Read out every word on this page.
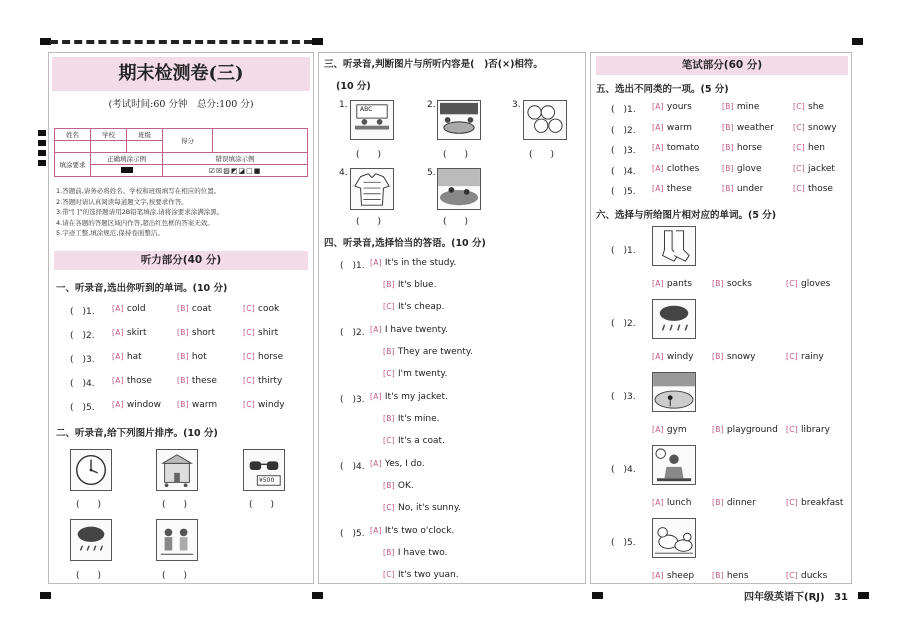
期末检测卷(三)
(考试时间:60 分钟　总分:100 分)
姓名	学校	班级	得分	

填涂要求	正确填涂示例		错误填涂示例	
			☑☒▨◩◪□■	
1.答题前,请务必将姓名、学校和班级填写在相应的位置。
2.答题时请认真阅读每道题文字,按要求作答。
3.带“[ ]”的选择题请用2B铅笔填涂,请将涂要求涂满涂黑。
4.请在各题的答题区域内作答,超出红色框的答案无效。
5.字迹工整,填涂规范,保持卷面整洁。
听力部分(40 分)
一、听录音,选出你听到的单词。(10 分)
(　)1. [A] cold	[B] coat	[C] cook
(　)2. [A] skirt	[B] short	[C] shirt
(　)3. [A] hat	[B] hot	[C] horse
(　)4. [A] those	[B] these	[C] thirty
(　)5. [A] window [B] warm	[C] windy
二、听录音,给下列图片排序。(10 分)
¥500
(　　)	(　　)	(　　)
(　　)	(　　)
三、听录音,判断图片与所听内容是(　)否(×)相符。
(10 分)
1.	2.	3.
4.	5.
ABC
(　　)	(　　)	(　　)
(　　)	(　　)
四、听录音,选择恰当的答语。(10 分)
(　)1. [A] It's in the study.
[B] It's blue.
[C] It's cheap.
(　)2. [A] I have twenty.
[B] They are twenty.
[C] I'm twenty.
(　)3. [A] It's my jacket.
[B] It's mine.
[C] It's a coat.
(　)4. [A] Yes, I do.
[B] OK.
[C] No, it's sunny.
(　)5. [A] It's two o'clock.
[B] I have two.
[C] It's two yuan.
笔试部分(60 分)
五、选出不同类的一项。(5 分)
(　)1. [A] yours	[B] mine	[C] she
(　)2. [A] warm	[B] weather	[C] snowy
(　)3. [A] tomato	[B] horse	[C] hen
(　)4. [A] clothes	[B] glove	[C] jacket
(　)5. [A] these	[B] under	[C] those
六、选择与所给图片相对应的单词。(5 分)
(　)1.
[A] pants	[B] socks	[C] gloves
(　)2.
[A] windy [B] snowy	[C] rainy
(　)3.
[A] gym	[B] playground [C] library
(　)4.
[A] lunch	[B] dinner	[C] breakfast
(　)5.
[A] sheep [B] hens	[C] ducks
四年级英语下(RJ) 31
